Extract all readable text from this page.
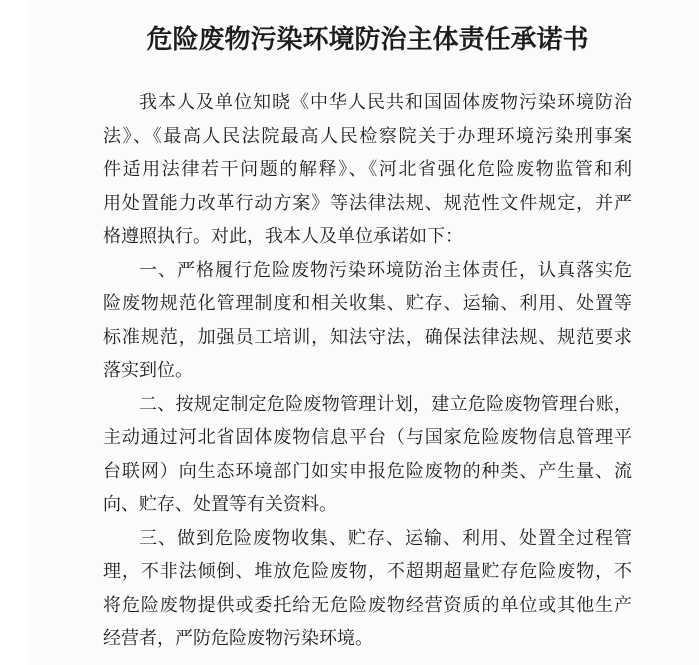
危险废物污染环境防治主体责任承诺书
我本人及单位知晓《中华人民共和国固体废物污染环境防治
法》、《最高人民法院最高人民检察院关于办理环境污染刑事案
件适用法律若干问题的解释》、《河北省强化危险废物监管和利
用处置能力改革行动方案》等法律法规、规范性文件规定，并严
格遵照执行。对此，我本人及单位承诺如下：
一、严格履行危险废物污染环境防治主体责任，认真落实危
险废物规范化管理制度和相关收集、贮存、运输、利用、处置等
标准规范，加强员工培训，知法守法，确保法律法规、规范要求
落实到位。
二、按规定制定危险废物管理计划，建立危险废物管理台账，
主动通过河北省固体废物信息平台（与国家危险废物信息管理平
台联网）向生态环境部门如实申报危险废物的种类、产生量、流
向、贮存、处置等有关资料。
三、做到危险废物收集、贮存、运输、利用、处置全过程管
理，不非法倾倒、堆放危险废物，不超期超量贮存危险废物，不
将危险废物提供或委托给无危险废物经营资质的单位或其他生产
经营者，严防危险废物污染环境。
